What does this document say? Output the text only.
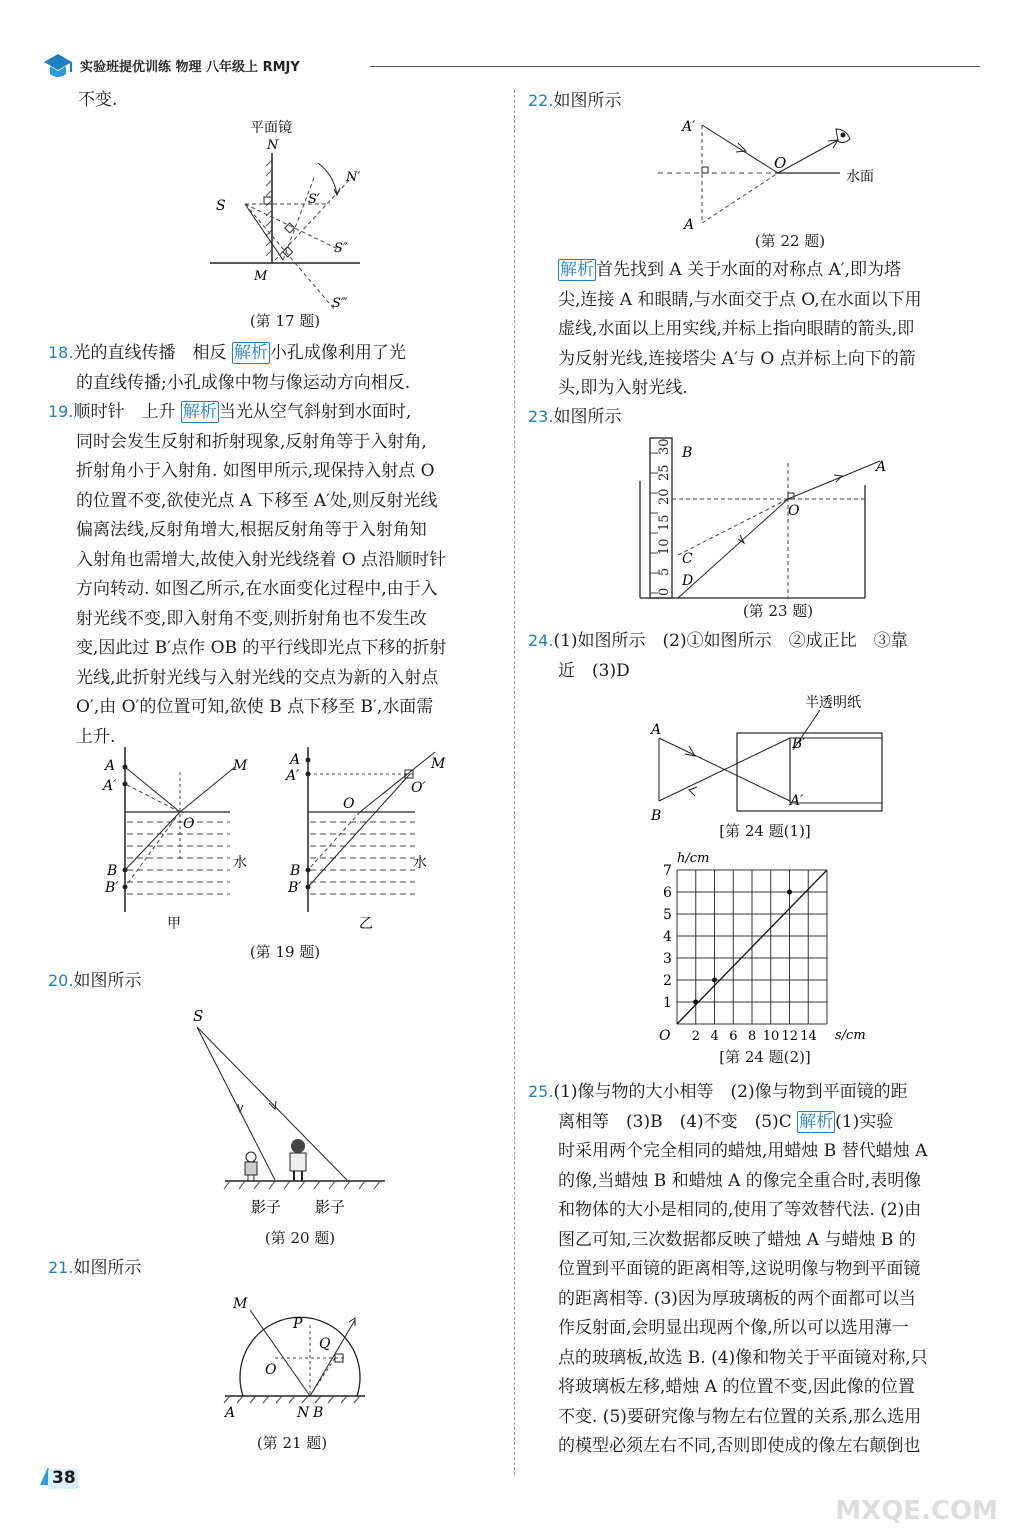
实验班提优训练 物理 八年级上 RMJY
不变.
平面镜
N
N′
S	S′
S″
S‴
M
(第 17 题)
18.光的直线传播　相反 解析 小孔成像利用了光
的直线传播;小孔成像中物与像运动方向相反.
19.顺时针　上升 解析 当光从空气斜射到水面时,
同时会发生反射和折射现象,反射角等于入射角,
折射角小于入射角. 如图甲所示,现保持入射点 O
的位置不变,欲使光点 A 下移至 A′处,则反射光线
偏离法线,反射角增大,根据反射角等于入射角知
入射角也需增大,故使入射光线绕着 O 点沿顺时针
方向转动. 如图乙所示,在水面变化过程中,由于入
射光线不变,即入射角不变,则折射角也不发生改
变,因此过 B′点作 OB 的平行线即光点下移的折射
光线,此折射光线与入射光线的交点为新的入射点
O′,由 O′的位置可知,欲使 B 点下移至 B′,水面需
上升.
A
A′
B
B′
O
M
水
甲
A
A′
B
B′
O
O′
M
水
乙
(第 19 题)
20.如图所示
S
影子 影子
(第 20 题)
21.如图所示
M
P
Q
O
A	N B
(第 21 题)
22.如图所示
A′
A
O
水面
(第 22 题)
解析 首先找到 A 关于水面的对称点 A′,即为塔
尖,连接 A 和眼睛,与水面交于点 O,在水面以下用
虚线,水面以上用实线,并标上指向眼睛的箭头,即
为反射光线,连接塔尖 A′与 O 点并标上向下的箭
头,即为入射光线.
23.如图所示
30
25
20
15
10
5
0
B
A
O
C
D
(第 23 题)
24.(1)如图所示　(2)①如图所示　②成正比　③靠
近　(3)D
半透明纸
A
B
B′
A′
[第 24 题(1)]
1
2
3
4
5
6
7
2 4 6 8 10 12 14
h/cm
s/cm
O
[第 24 题(2)]
25.(1)像与物的大小相等　(2)像与物到平面镜的距
离相等　(3)B　(4)不变　(5)C 解析 (1)实验
时采用两个完全相同的蜡烛,用蜡烛 B 替代蜡烛 A
的像,当蜡烛 B 和蜡烛 A 的像完全重合时,表明像
和物体的大小是相同的,使用了等效替代法. (2)由
图乙可知,三次数据都反映了蜡烛 A 与蜡烛 B 的
位置到平面镜的距离相等,这说明像与物到平面镜
的距离相等. (3)因为厚玻璃板的两个面都可以当
作反射面,会明显出现两个像,所以可以选用薄一
点的玻璃板,故选 B. (4)像和物关于平面镜对称,只
将玻璃板左移,蜡烛 A 的位置不变,因此像的位置
不变. (5)要研究像与物左右位置的关系,那么选用
的模型必须左右不同,否则即使成的像左右颠倒也
38
MXQE.COM
